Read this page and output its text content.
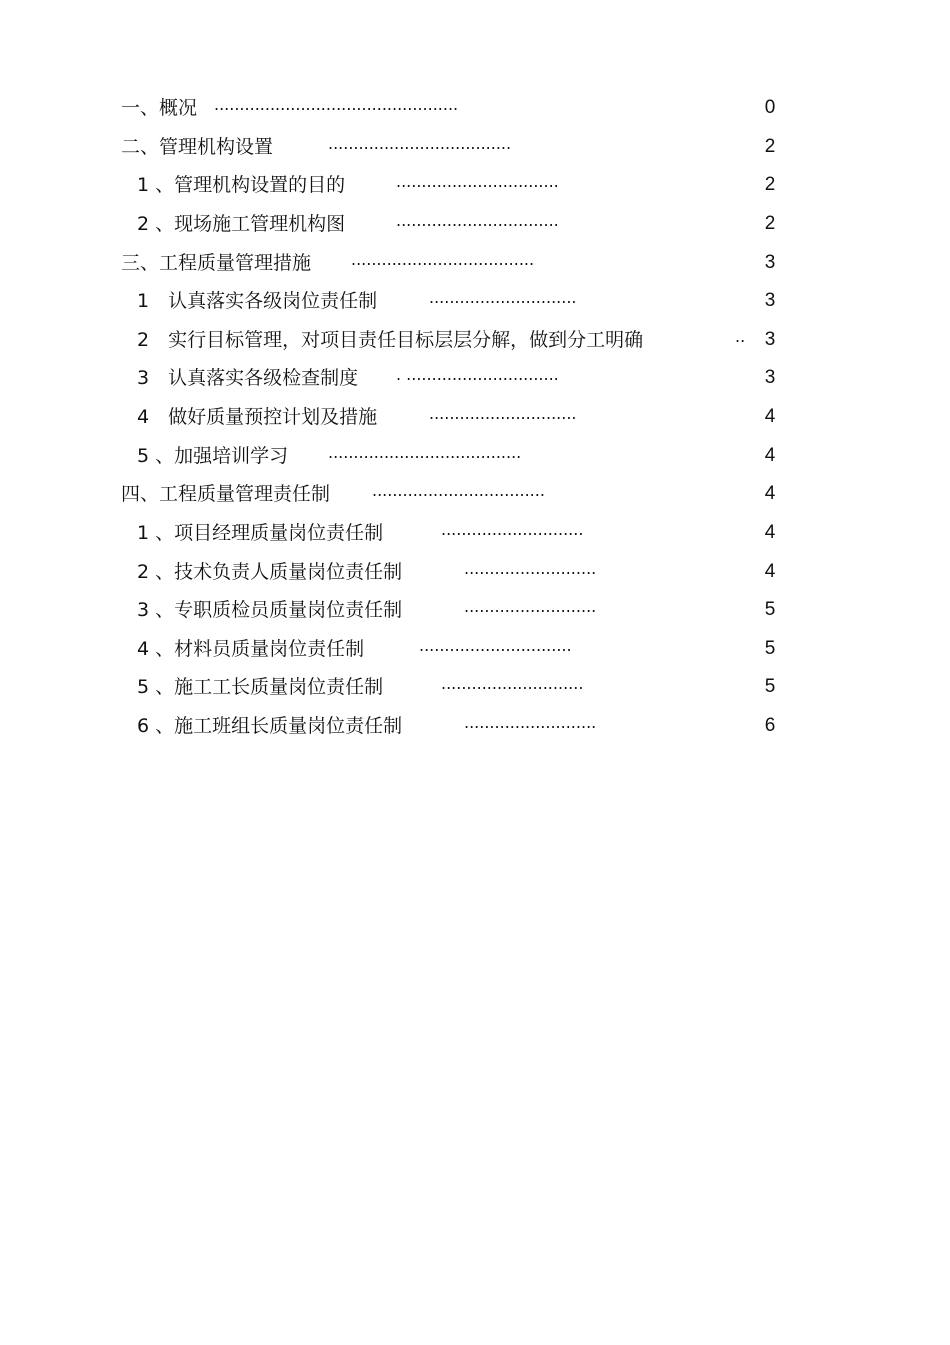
一、概况 ................................................	0
二、管理机构设置	....................................	2
1 、管理机构设置的目的	................................	2
2 、现场施工管理机构图	................................	2
三、工程质量管理措施 ....................................	3
1　认真落实各级岗位责任制	.............................	3
2　实行目标管理，对项目责任目标层层分解，做到分工明确	..	3
3　认真落实各级检查制度 . ..............................	3
4　做好质量预控计划及措施	.............................	4
5 、加强培训学习 ......................................	4
四、工程质量管理责任制	..................................	4
1 、项目经理质量岗位责任制	............................	4
2 、技术负责人质量岗位责任制	..........................	4
3 、专职质检员质量岗位责任制	..........................	5
4 、材料员质量岗位责任制	..............................	5
5 、施工工长质量岗位责任制	............................	5
6 、施工班组长质量岗位责任制	..........................	6
